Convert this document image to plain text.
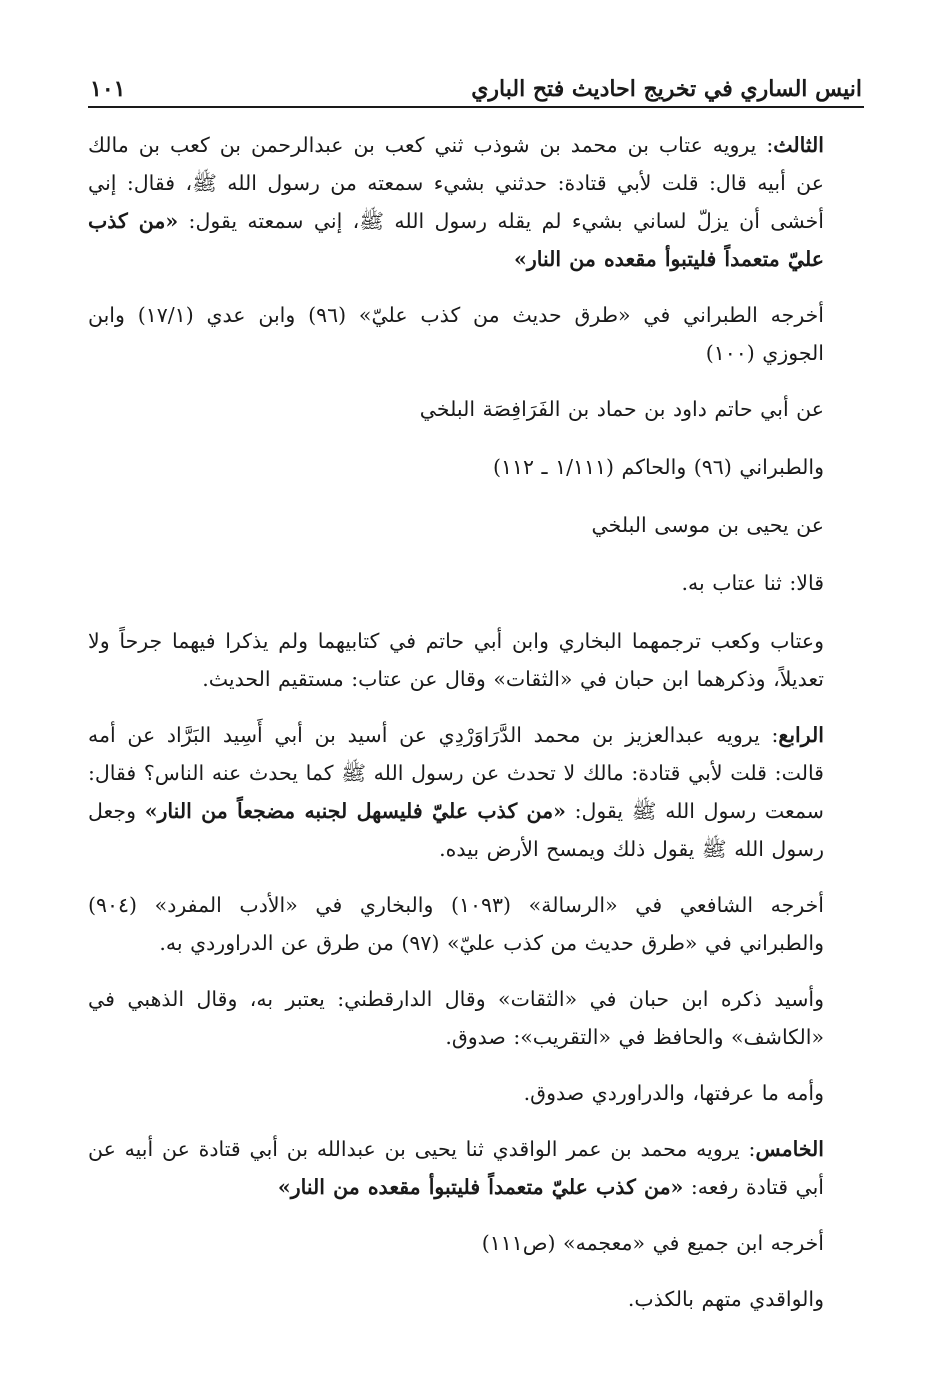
انيس الساري في تخريج احاديث فتح الباري
١٠١

الثالث: يرويه عتاب بن محمد بن شوذب ثني كعب بن عبدالرحمن بن كعب بن مالك عن أبيه قال: قلت لأبي قتادة: حدثني بشيء سمعته من رسول الله ﷺ، فقال: إني أخشى أن يزلّ لساني بشيء لم يقله رسول الله ﷺ، إني سمعته يقول: «من كذب عليّ متعمداً فليتبوأ مقعده من النار»

أخرجه الطبراني في «طرق حديث من كذب عليّ» (٩٦) وابن عدي (١٧/١) وابن الجوزي (١٠٠)

عن أبي حاتم داود بن حماد بن الفَرَافِصَة البلخي

والطبراني (٩٦) والحاكم (١/١١١ ـ ١١٢)

عن يحيى بن موسى البلخي

قالا: ثنا عتاب به.

وعتاب وكعب ترجمهما البخاري وابن أبي حاتم في كتابيهما ولم يذكرا فيهما جرحاً ولا تعديلاً، وذكرهما ابن حبان في «الثقات» وقال عن عتاب: مستقيم الحديث.

الرابع: يرويه عبدالعزيز بن محمد الدَّرَاوَرْدِي عن أسيد بن أبي أَسِيد البَرَّاد عن أمه قالت: قلت لأبي قتادة: مالك لا تحدث عن رسول الله ﷺ كما يحدث عنه الناس؟ فقال: سمعت رسول الله ﷺ يقول: «من كذب عليّ فليسهل لجنبه مضجعاً من النار» وجعل رسول الله ﷺ يقول ذلك ويمسح الأرض بيده.

أخرجه الشافعي في «الرسالة» (١٠٩٣) والبخاري في «الأدب المفرد» (٩٠٤) والطبراني في «طرق حديث من كذب عليّ» (٩٧) من طرق عن الدراوردي به.

وأسيد ذكره ابن حبان في «الثقات» وقال الدارقطني: يعتبر به، وقال الذهبي في «الكاشف» والحافظ في «التقريب»: صدوق.

وأمه ما عرفتها، والدراوردي صدوق.

الخامس: يرويه محمد بن عمر الواقدي ثنا يحيى بن عبدالله بن أبي قتادة عن أبيه عن أبي قتادة رفعه: «من كذب عليّ متعمداً فليتبوأ مقعده من النار»

أخرجه ابن جميع في «معجمه» (ص١١١)

والواقدي متهم بالكذب.
